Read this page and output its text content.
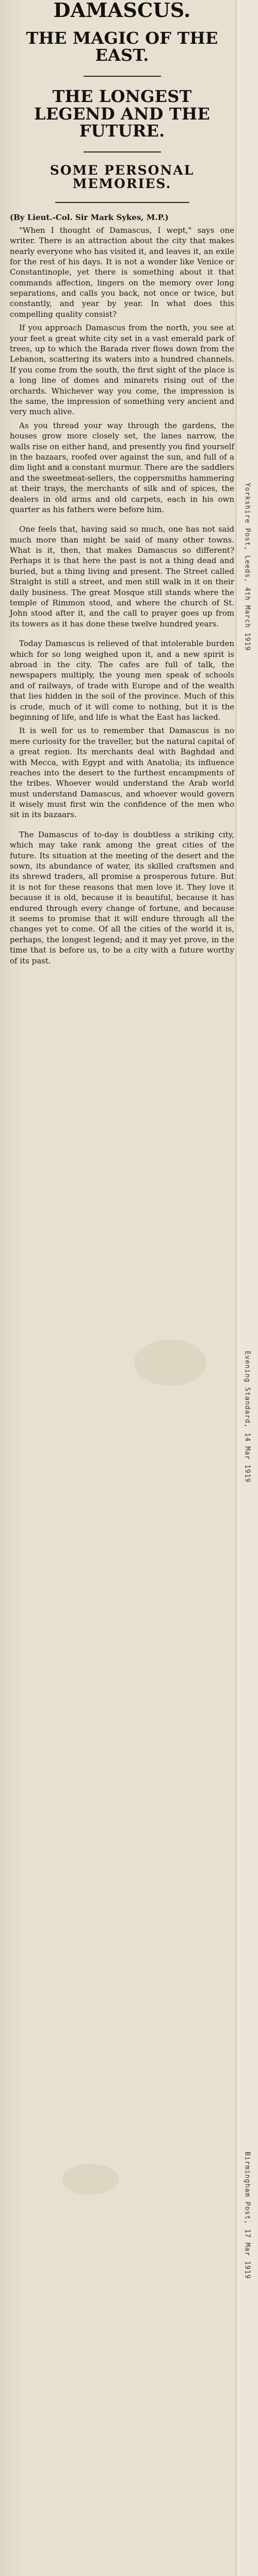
DAMASCUS.
THE MAGIC OF THE EAST.
THE LONGEST LEGEND AND THE FUTURE.
SOME PERSONAL MEMORIES.

(By Lieut.-Col. Sir Mark Sykes, M.P.)

"When I thought of Damascus, I wept," says one writer. There is an attraction about the city that makes nearly everyone who has visited it, and leaves it, an exile for the rest of his days. It is not a wonder like Venice or Constantinople, yet there is something about it that commands affection, lingers on the memory over long separations, and calls you back, not once or twice, but constantly, and year by year. In what does this compelling quality consist?

If you approach Damascus from the north, you see at your feet a great white city set in a vast emerald park of trees, up to which the Barada river flows down from the Lebanon, scattering its waters into a hundred channels. If you come from the south, the first sight of the place is a long line of domes and minarets rising out of the orchards. Whichever way you come, the impression is the same, the impression of something very ancient and very much alive.

As you thread your way through the gardens, the houses grow more closely set, the lanes narrow, the walls rise on either hand, and presently you find yourself in the bazaars, roofed over against the sun, and full of a dim light and a constant murmur. There are the saddlers and the sweetmeat-sellers, the coppersmiths hammering at their trays, the merchants of silk and of spices, the dealers in old arms and old carpets, each in his own quarter as his fathers were before him.

One feels that, having said so much, one has not said much more than might be said of many other towns. What is it, then, that makes Damascus so different? Perhaps it is that here the past is not a thing dead and buried, but a thing living and present. The Street called Straight is still a street, and men still walk in it on their daily business. The great Mosque still stands where the temple of Rimmon stood, and where the church of St. John stood after it, and the call to prayer goes up from its towers as it has done these twelve hundred years.

Today Damascus is relieved of that intolerable burden which for so long weighed upon it, and a new spirit is abroad in the city. The cafes are full of talk, the newspapers multiply, the young men speak of schools and of railways, of trade with Europe and of the wealth that lies hidden in the soil of the province. Much of this is crude, much of it will come to nothing, but it is the beginning of life, and life is what the East has lacked.

It is well for us to remember that Damascus is no mere curiosity for the traveller, but the natural capital of a great region. Its merchants deal with Baghdad and with Mecca, with Egypt and with Anatolia; its influence reaches into the desert to the furthest encampments of the tribes. Whoever would understand the Arab world must understand Damascus, and whoever would govern it wisely must first win the confidence of the men who sit in its bazaars.

The Damascus of to-day is doubtless a striking city, which may take rank among the great cities of the future. Its situation at the meeting of the desert and the sown, its abundance of water, its skilled craftsmen and its shrewd traders, all promise a prosperous future. But it is not for these reasons that men love it. They love it because it is old, because it is beautiful, because it has endured through every change of fortune, and because it seems to promise that it will endure through all the changes yet to come. Of all the cities of the world it is, perhaps, the longest legend; and it may yet prove, in the time that is before us, to be a city with a future worthy of its past.

Yorkshire Post, Leeds, 4th March 1919
Evening Standard, 14 Mar 1919
Birmingham Post, 17 Mar 1919
